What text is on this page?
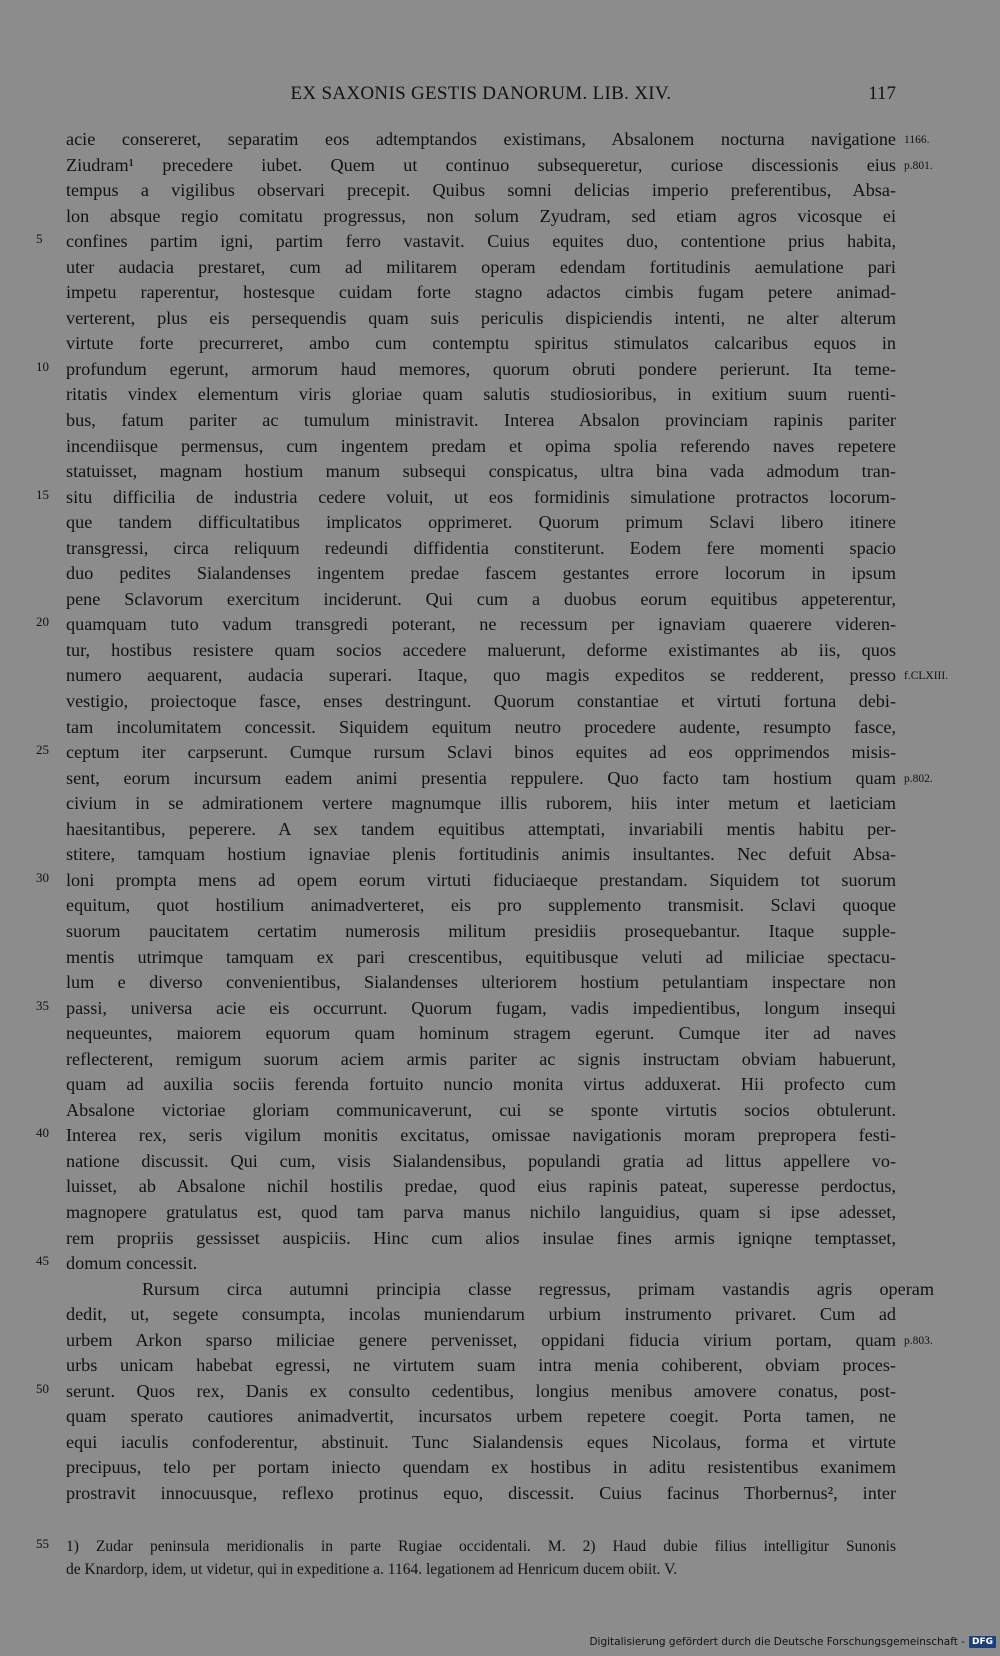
EX SAXONIS GESTIS DANORUM. LIB. XIV.	117
acie consereret, separatim eos adtemptandos existimans, Absalonem nocturna navigatione 1166.
Ziudram¹ precedere iubet. Quem ut continuo subsequeretur, curiose discessionis eius p.801.
tempus a vigilibus observari precepit. Quibus somni delicias imperio preferentibus, Absa-
lon absque regio comitatu progressus, non solum Zyudram, sed etiam agros vicosque ei
5	confines partim igni, partim ferro vastavit. Cuius equites duo, contentione prius habita,
uter audacia prestaret, cum ad militarem operam edendam fortitudinis aemulatione pari
impetu raperentur, hostesque cuidam forte stagno adactos cimbis fugam petere animad-
verterent, plus eis persequendis quam suis periculis dispiciendis intenti, ne alter alterum
virtute forte precurreret, ambo cum contemptu spiritus stimulatos calcaribus equos in
10 profundum egerunt, armorum haud memores, quorum obruti pondere perierunt. Ita teme-
ritatis vindex elementum viris gloriae quam salutis studiosioribus, in exitium suum ruenti-
bus, fatum pariter ac tumulum ministravit. Interea Absalon provinciam rapinis pariter
incendiisque permensus, cum ingentem predam et opima spolia referendo naves repetere
statuisset, magnam hostium manum subsequi conspicatus, ultra bina vada admodum tran-
15 situ difficilia de industria cedere voluit, ut eos formidinis simulatione protractos locorum-
que tandem difficultatibus implicatos opprimeret. Quorum primum Sclavi libero itinere
transgressi, circa reliquum redeundi diffidentia constiterunt. Eodem fere momenti spacio
duo pedites Sialandenses ingentem predae fascem gestantes errore locorum in ipsum
pene Sclavorum exercitum inciderunt. Qui cum a duobus eorum equitibus appeterentur,
20 quamquam tuto vadum transgredi poterant, ne recessum per ignaviam quaerere videren-
tur, hostibus resistere quam socios accedere maluerunt, deforme existimantes ab iis, quos
numero aequarent, audacia superari. Itaque, quo magis expeditos se redderent, presso f.CLXIII.
vestigio, proiectoque fasce, enses destringunt. Quorum constantiae et virtuti fortuna debi-
tam incolumitatem concessit. Siquidem equitum neutro procedere audente, resumpto fasce,
25 ceptum iter carpserunt. Cumque rursum Sclavi binos equites ad eos opprimendos misis-
sent, eorum incursum eadem animi presentia reppulere. Quo facto tam hostium quam p.802.
civium in se admirationem vertere magnumque illis ruborem, hiis inter metum et laeticiam
haesitantibus, peperere. A sex tandem equitibus attemptati, invariabili mentis habitu per-
stitere, tamquam hostium ignaviae plenis fortitudinis animis insultantes. Nec defuit Absa-
30 loni prompta mens ad opem eorum virtuti fiduciaeque prestandam. Siquidem tot suorum
equitum, quot hostilium animadverteret, eis pro supplemento transmisit. Sclavi quoque
suorum paucitatem certatim numerosis militum presidiis prosequebantur. Itaque supple-
mentis utrimque tamquam ex pari crescentibus, equitibusque veluti ad miliciae spectacu-
lum e diverso convenientibus, Sialandenses ulteriorem hostium petulantiam inspectare non
35 passi, universa acie eis occurrunt. Quorum fugam, vadis impedientibus, longum insequi
nequeuntes, maiorem equorum quam hominum stragem egerunt. Cumque iter ad naves
reflecterent, remigum suorum aciem armis pariter ac signis instructam obviam habuerunt,
quam ad auxilia sociis ferenda fortuito nuncio monita virtus adduxerat. Hii profecto cum
Absalone victoriae gloriam communicaverunt, cui se sponte virtutis socios obtulerunt.
40 Interea rex, seris vigilum monitis excitatus, omissae navigationis moram prepropera festi-
natione discussit. Qui cum, visis Sialandensibus, populandi gratia ad littus appellere vo-
luisset, ab Absalone nichil hostilis predae, quod eius rapinis pateat, superesse perdoctus,
magnopere gratulatus est, quod tam parva manus nichilo languidius, quam si ipse adesset,
rem propriis gessisset auspiciis. Hinc cum alios insulae fines armis igniqne temptasset,
45 domum concessit.
Rursum circa autumni principia classe regressus, primam vastandis agris operam
dedit, ut, segete consumpta, incolas muniendarum urbium instrumento privaret. Cum ad
urbem Arkon sparso miliciae genere pervenisset, oppidani fiducia virium portam, quam p.803.
urbs unicam habebat egressi, ne virtutem suam intra menia cohiberent, obviam proces-
50 serunt. Quos rex, Danis ex consulto cedentibus, longius menibus amovere conatus, post-
quam sperato cautiores animadvertit, incursatos urbem repetere coegit. Porta tamen, ne
equi iaculis confoderentur, abstinuit. Tunc Sialandensis eques Nicolaus, forma et virtute
precipuus, telo per portam iniecto quendam ex hostibus in aditu resistentibus exanimem
prostravit innocuusque, reflexo protinus equo, discessit. Cuius facinus Thorbernus², inter
55	1) Zudar peninsula meridionalis in parte Rugiae occidentali. M. 2) Haud dubie filius intelligitur Sunonis
de Knardorp, idem, ut videtur, qui in expeditione a. 1164. legationem ad Henricum ducem obiit. V.
Digitalisierung gefördert durch die Deutsche Forschungsgemeinschaft - DFG
